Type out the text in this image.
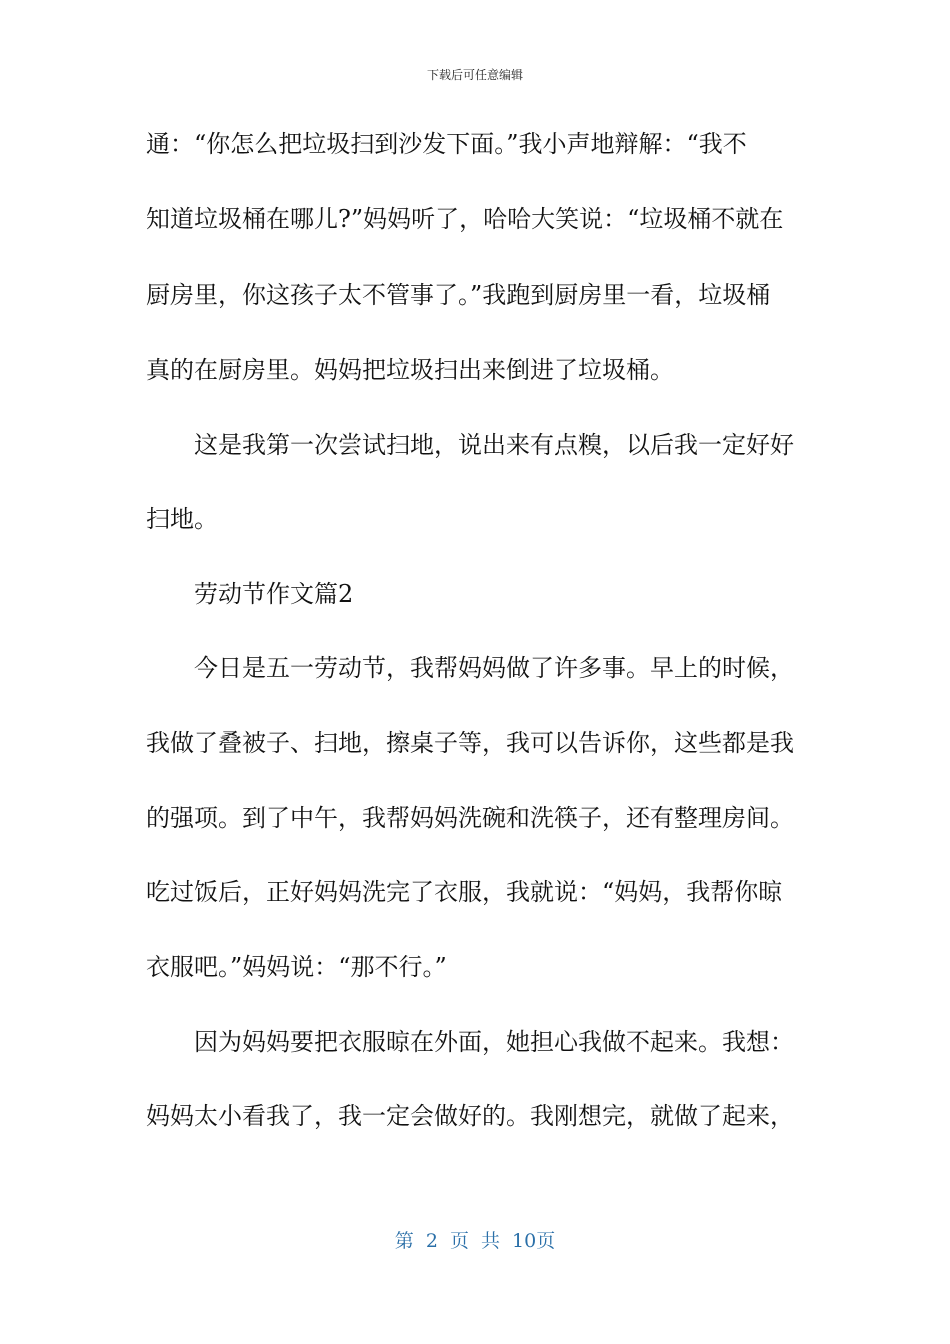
下载后可任意编辑
通：“你怎么把垃圾扫到沙发下面。”我小声地辩解：“我不
知道垃圾桶在哪儿?”妈妈听了，哈哈大笑说：“垃圾桶不就在
厨房里，你这孩子太不管事了。”我跑到厨房里一看，垃圾桶
真的在厨房里。妈妈把垃圾扫出来倒进了垃圾桶。
这是我第一次尝试扫地，说出来有点糗，以后我一定好好
扫地。
劳动节作文篇2
今日是五一劳动节，我帮妈妈做了许多事。早上的时候，
我做了叠被子、扫地，擦桌子等，我可以告诉你，这些都是我
的强项。到了中午，我帮妈妈洗碗和洗筷子，还有整理房间。
吃过饭后，正好妈妈洗完了衣服，我就说：“妈妈，我帮你晾
衣服吧。”妈妈说：“那不行。”
因为妈妈要把衣服晾在外面，她担心我做不起来。我想：
妈妈太小看我了，我一定会做好的。我刚想完，就做了起来，
第 2 页 共 10页
